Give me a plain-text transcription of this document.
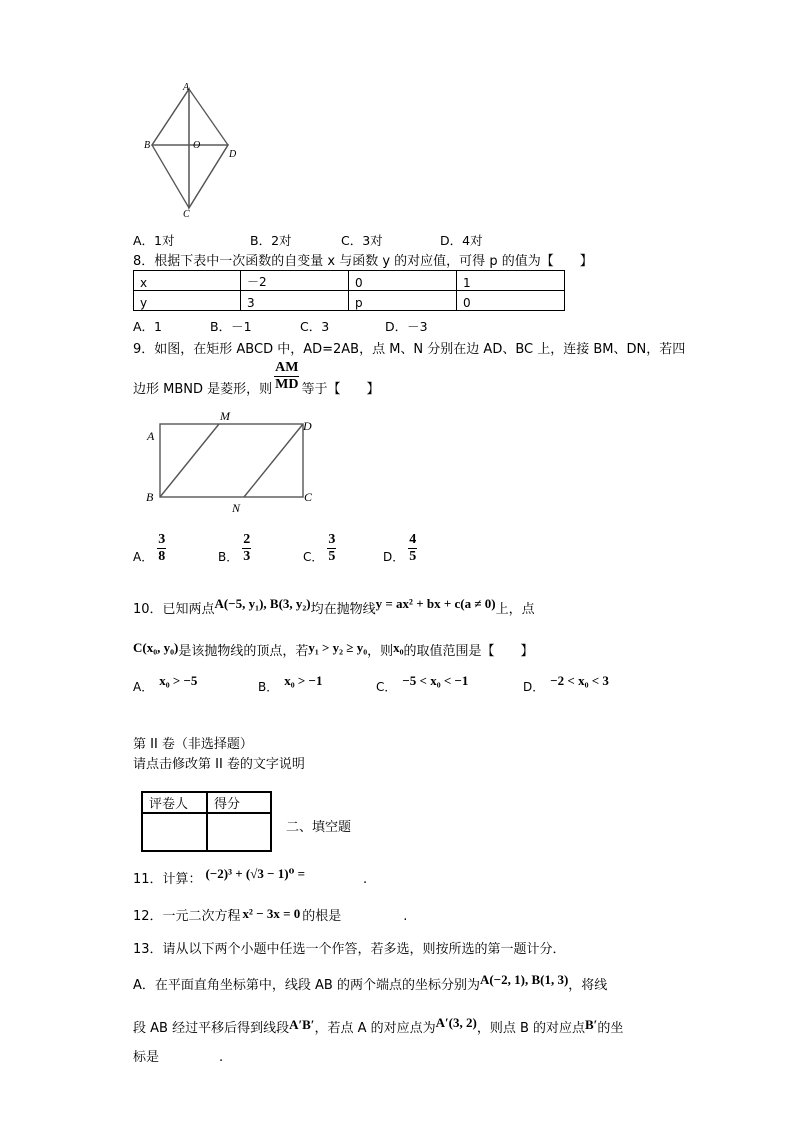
A
B	O
D
C
A．1对	B．2对	C．3对	D．4对
8．根据下表中一次函数的自变量 x 与函数 y 的对应值，可得 p 的值为【　　】
x	－2	0	1
y	3	p	0
A．1	B．－1	C．3	D．－3
9．如图，在矩形 ABCD 中，AD=2AB，点 M、N 分别在边 AD、BC 上，连接 BM、DN，若四
边形 MBND 是菱形，则 $\frac{AM}{MD}$ 等于【　　】
M
A
D
B	C
N
A． $\frac{3}{8}$	B． $\frac{2}{3}$	C． $\frac{3}{5}$	D． $\frac{4}{5}$
10．已知两点 A(−5, y₁), B(3, y₂) 均在抛物线 y = ax² + bx + c(a ≠ 0) 上，点
C(x₀, y₀) 是该抛物线的顶点，若 y₁ > y₂ ≥ y₀ ，则 x₀ 的取值范围是【　　】
A． x₀ > −5	B． x₀ > −1	C． −5 < x₀ < −1	D． −2 < x₀ < 3
第 II 卷（非选择题）
请点击修改第 II 卷的文字说明
评卷人	得分

二、填空题
11．计算： (−2)³ + (√3 − 1)⁰ =	.
12．一元二次方程 x² − 3x = 0 的根是	.
13．请从以下两个小题中任选一个作答，若多选，则按所选的第一题计分．
A．在平面直角坐标第中，线段 AB 的两个端点的坐标分别为 A(−2, 1), B(1, 3) ，将线
段 AB 经过平移后得到线段 A′B′ ，若点 A 的对应点为 A′(3, 2) ，则点 B 的对应点 B′ 的坐
标是	.
